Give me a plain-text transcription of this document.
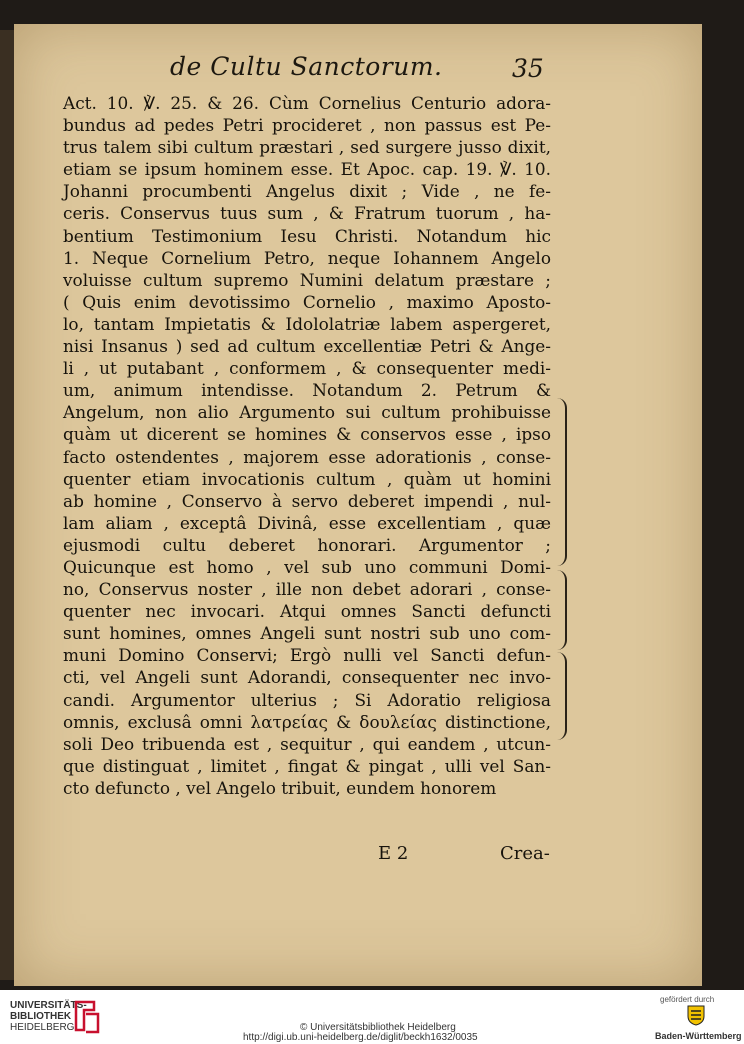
de Cultu Sanctorum.	35
Act. 10. ℣. 25. & 26. Cùm Cornelius Centurio adora-
bundus ad pedes Petri procideret , non passus est Pe-
trus talem sibi cultum præstari , sed surgere jusso dixit,
etiam se ipsum hominem esse. Et Apoc. cap. 19. ℣. 10.
Johanni procumbenti Angelus dixit ; Vide , ne fe-
ceris. Conservus tuus sum , & Fratrum tuorum , ha-
bentium Testimonium Iesu Christi. Notandum hic
1. Neque Cornelium Petro, neque Iohannem Angelo
voluisse cultum supremo Numini delatum præstare ;
( Quis enim devotissimo Cornelio , maximo Aposto-
lo, tantam Impietatis & Idololatriæ labem aspergeret,
nisi Insanus ) sed ad cultum excellentiæ Petri & Ange-
li , ut putabant , conformem , & consequenter medi-
um, animum intendisse. Notandum 2. Petrum &
Angelum, non alio Argumento sui cultum prohibuisse
quàm ut dicerent se homines & conservos esse , ipso
facto ostendentes , majorem esse adorationis , conse-
quenter etiam invocationis cultum , quàm ut homini
ab homine , Conservo à servo deberet impendi , nul-
lam aliam , exceptâ Divinâ, esse excellentiam , quæ
ejusmodi cultu deberet honorari. Argumentor ;
Quicunque est homo , vel sub uno communi Domi-
no, Conservus noster , ille non debet adorari , conse-
quenter nec invocari. Atqui omnes Sancti defuncti
sunt homines, omnes Angeli sunt nostri sub uno com-
muni Domino Conservi; Ergò nulli vel Sancti defun-
cti, vel Angeli sunt Adorandi, consequenter nec invo-
candi. Argumentor ulterius ; Si Adoratio religiosa
omnis, exclusâ omni λατρείας & δουλείας distinctione,
soli Deo tribuenda est , sequitur , qui eandem , utcun-
que distinguat , limitet , fingat & pingat , ulli vel San-
cto defuncto , vel Angelo tribuit, eundem honorem
E 2	Crea-
UNIVERSITÄTS-
BIBLIOTHEK
HEIDELBERG	© Universitätsbibliothek Heidelberg
http://digi.ub.uni-heidelberg.de/diglit/beckh1632/0035
gefördert durch
Baden-Württemberg
